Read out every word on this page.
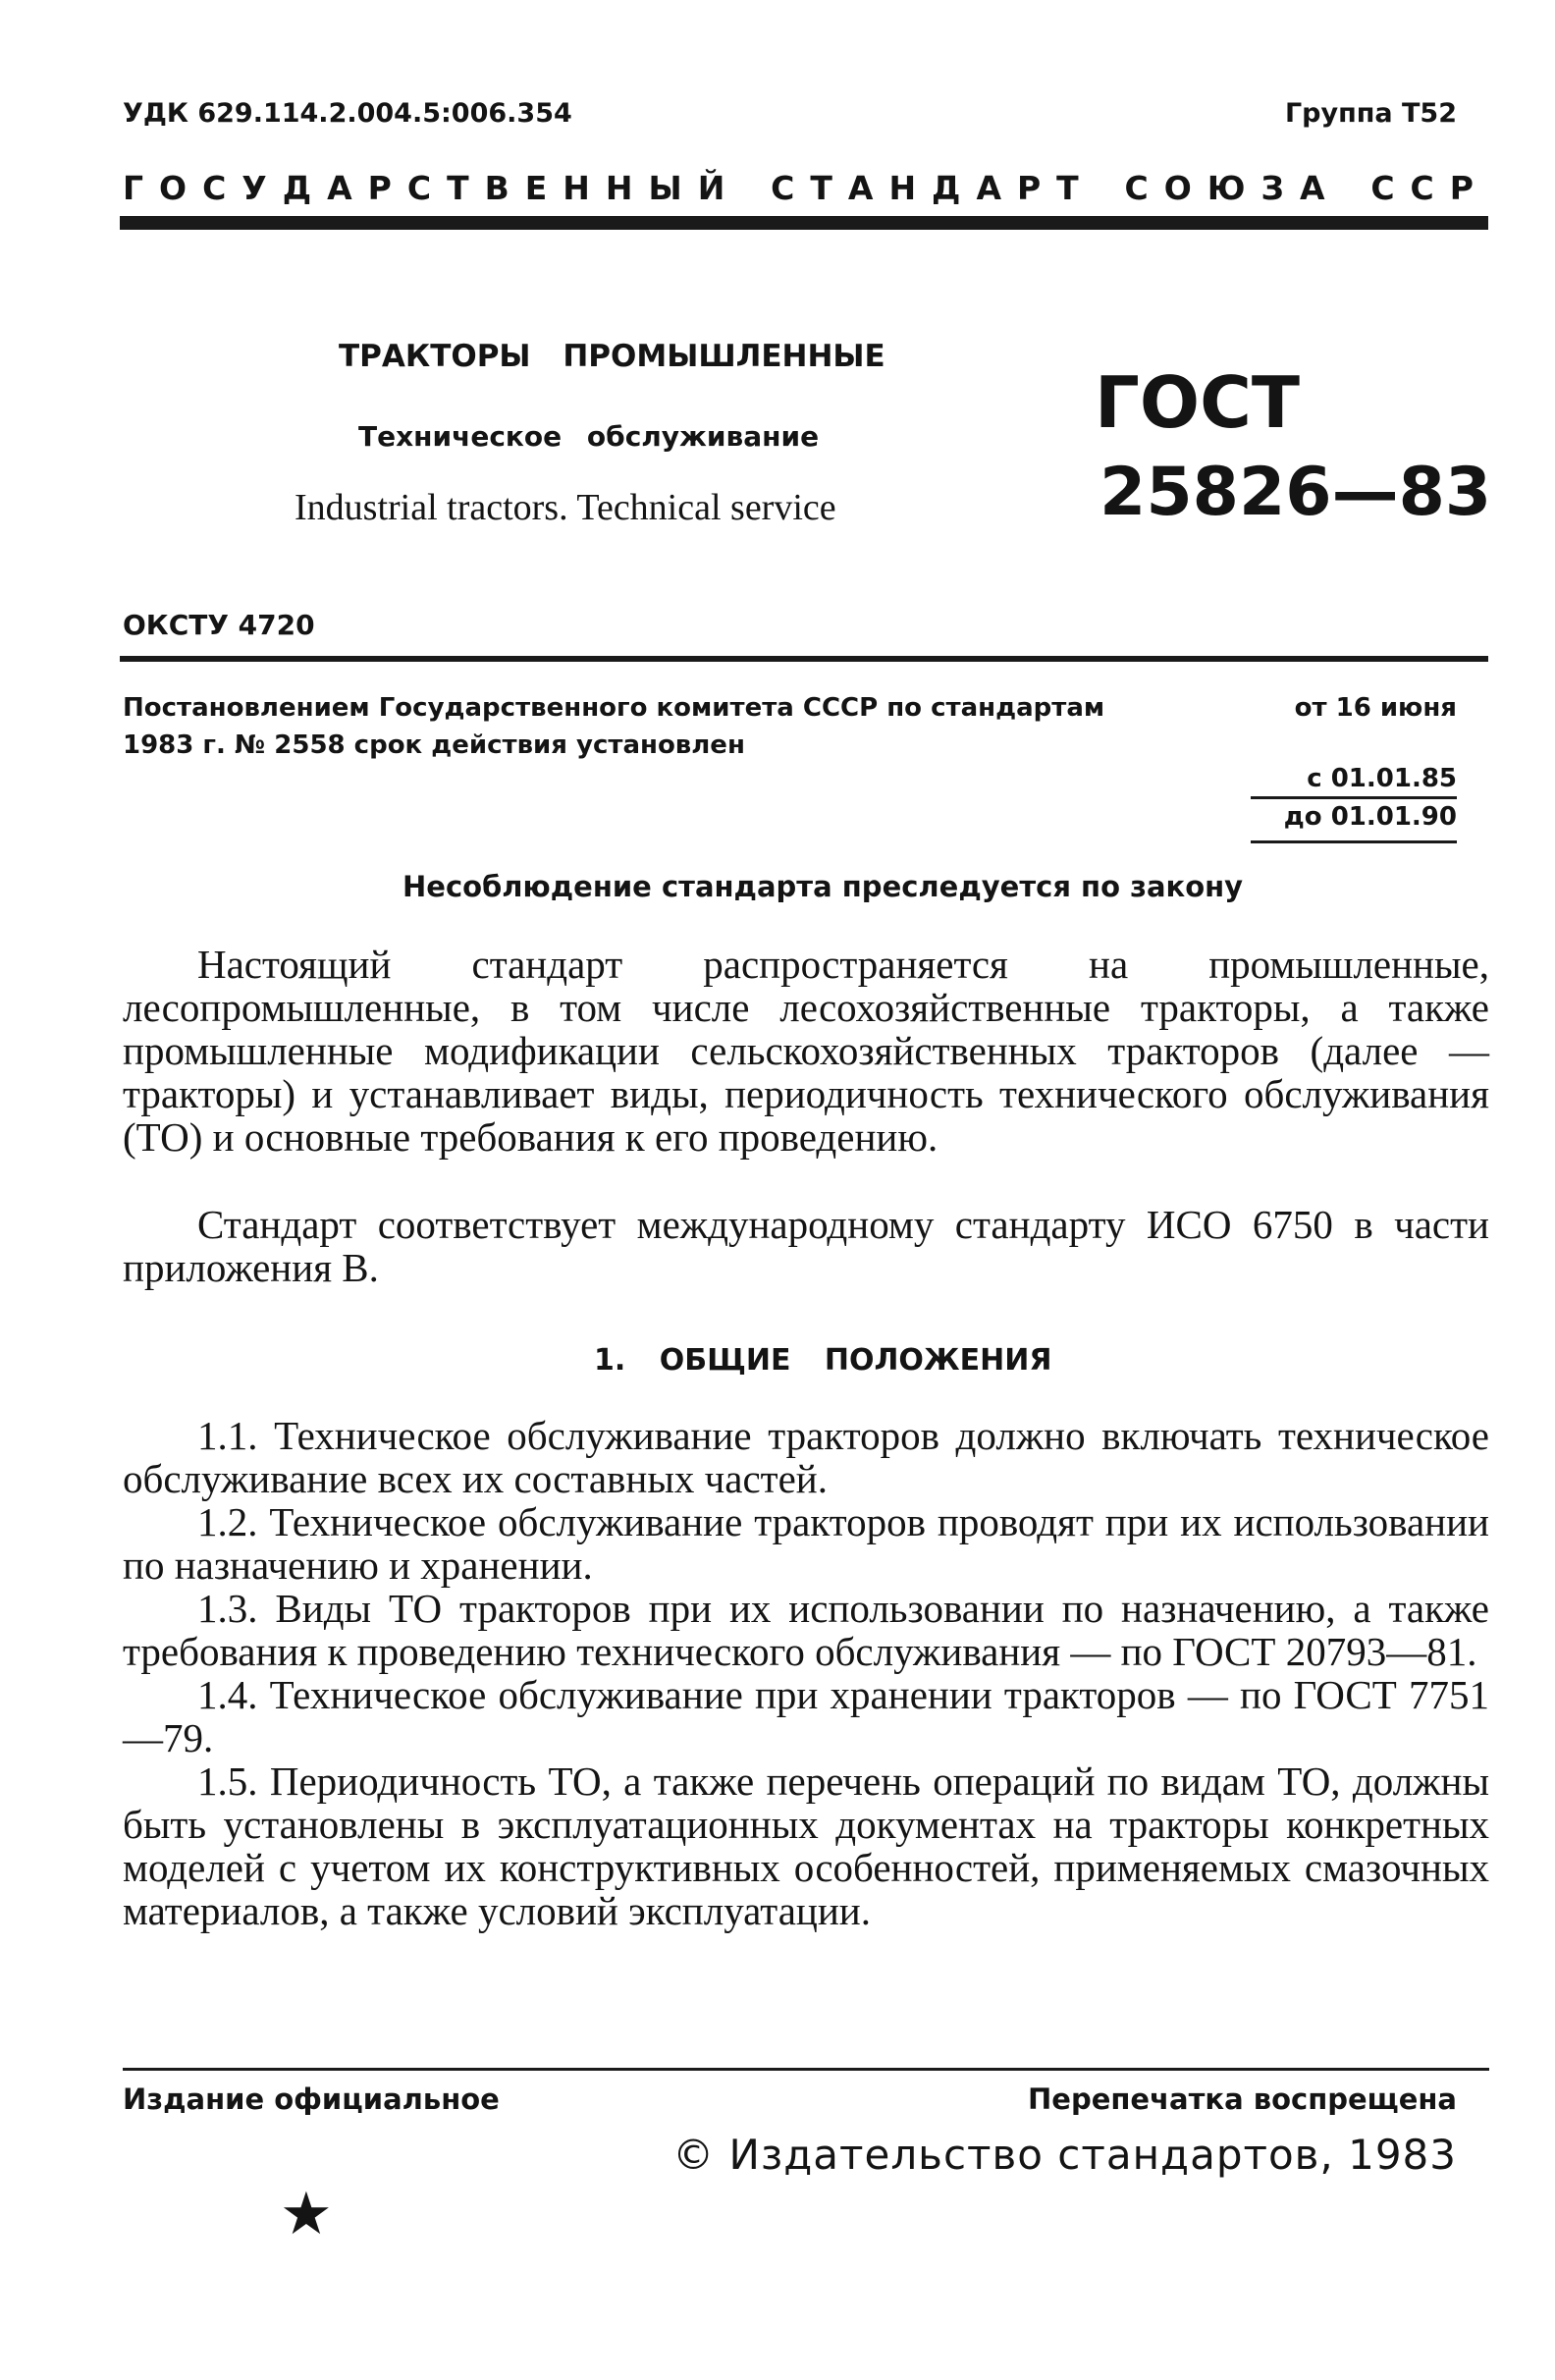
УДК 629.114.2.004.5:006.354	Группа Т52
ГОСУДАРСТВЕННЫЙ СТАНДАРТ СОЮЗА ССР
ТРАКТОРЫ ПРОМЫШЛЕННЫЕ
Техническое обслуживание
Industrial tractors. Technical service
ГОСТ
25826—83
ОКСТУ 4720
Постановлением Государственного комитета СССР по стандартам	от 16 июня
1983 г. № 2558 срок действия установлен
с 01.01.85
до 01.01.90
Несоблюдение стандарта преследуется по закону

Настоящий стандарт распространяется на промышленные, лесопромышленные, в том числе лесохозяйственные тракторы, а также промышленные модификации сельскохозяйственных тракторов (далее — тракторы) и устанавливает виды, периодичность технического обслуживания (ТО) и основные требования к его проведению.

Стандарт соответствует международному стандарту ИСО 6750 в части приложения В.

1. ОБЩИЕ ПОЛОЖЕНИЯ

1.1. Техническое обслуживание тракторов должно включать техническое обслуживание всех их составных частей.

1.2. Техническое обслуживание тракторов проводят при их использовании по назначению и хранении.

1.3. Виды ТО тракторов при их использовании по назначению, а также требования к проведению технического обслуживания — по ГОСТ 20793—81.

1.4. Техническое обслуживание при хранении тракторов — по ГОСТ 7751—79.

1.5. Периодичность ТО, а также перечень операций по видам ТО, должны быть установлены в эксплуатационных документах на тракторы конкретных моделей с учетом их конструктивных особенностей, применяемых смазочных материалов, а также условий эксплуатации.

Издание официальное	Перепечатка воспрещена
© Издательство стандартов, 1983
★
